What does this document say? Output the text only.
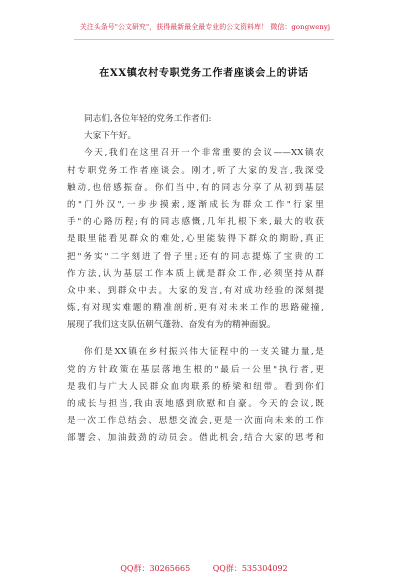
关注头条号"公文研究"，获得最新最全最专业的公文资料库！ 微信：gongwenyj
在XX镇农村专职党务工作者座谈会上的讲话
同志们,各位年轻的党务工作者们:
大家下午好。
今天,我们在这里召开一个非常重要的会议——XX镇农
村专职党务工作者座谈会。刚才,听了大家的发言,我深受
触动,也倍感振奋。你们当中,有的同志分享了从初到基层
的"门外汉",一步步摸索,逐渐成长为群众工作"行家里
手"的心路历程;有的同志感慨,几年扎根下来,最大的收获
是眼里能看见群众的难处,心里能装得下群众的期盼,真正
把"务实"二字刻进了骨子里;还有的同志提炼了宝贵的工
作方法,认为基层工作本质上就是群众工作,必须坚持从群
众中来、到群众中去。大家的发言,有对成功经验的深刻提
炼,有对现实难题的精准剖析,更有对未来工作的思路碰撞,
展现了我们这支队伍朝气蓬勃、奋发有为的精神面貌。
你们是XX镇在乡村振兴伟大征程中的一支关键力量,是
党的方针政策在基层落地生根的"最后一公里"执行者,更
是我们与广大人民群众血肉联系的桥梁和纽带。看到你们
的成长与担当,我由衷地感到欣慰和自豪。今天的会议,既
是一次工作总结会、思想交流会,更是一次面向未来的工作
部署会、加油鼓劲的动员会。借此机会,结合大家的思考和
QQ群：30265665	QQ群：535304092
